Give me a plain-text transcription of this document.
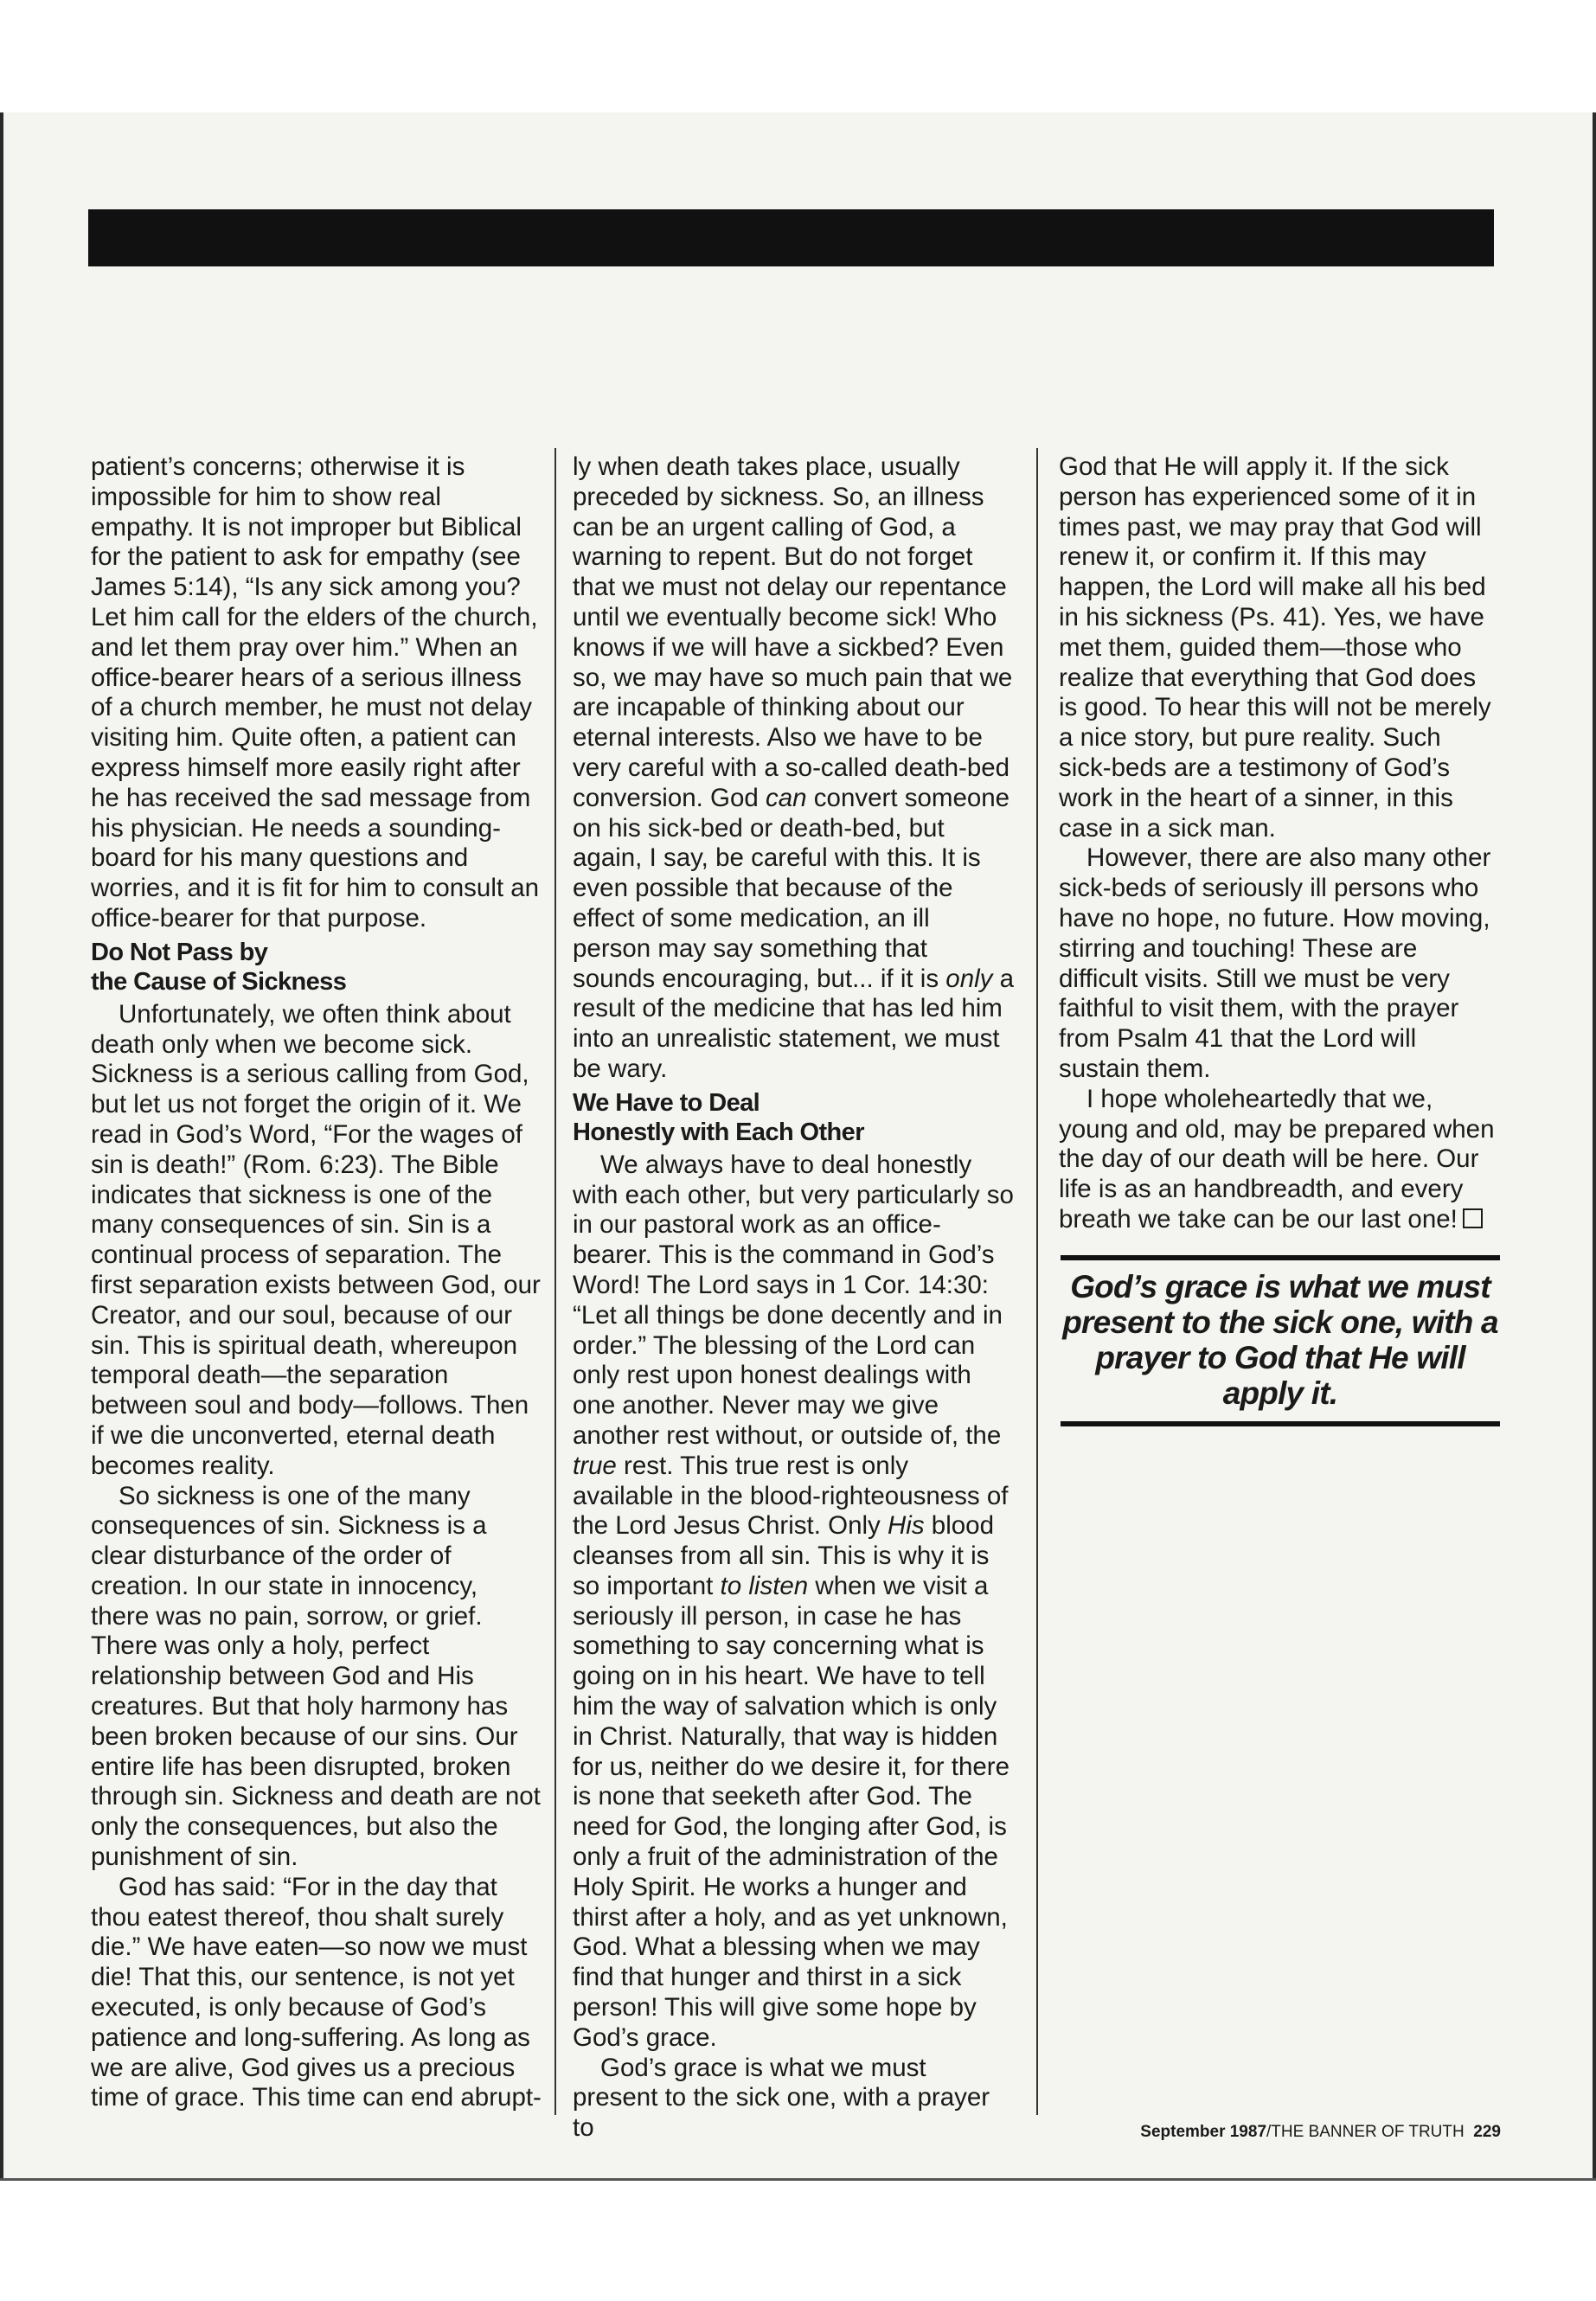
patient’s concerns; otherwise it is impossible for him to show real empathy. It is not improper but Biblical for the patient to ask for empathy (see James 5:14), “Is any sick among you? Let him call for the elders of the church, and let them pray over him.” When an office-bearer hears of a serious illness of a church member, he must not delay visiting him. Quite often, a patient can express himself more easily right after he has received the sad message from his physician. He needs a sounding-board for his many questions and worries, and it is fit for him to consult an office-bearer for that purpose.

Do Not Pass by
the Cause of Sickness

Unfortunately, we often think about death only when we become sick. Sickness is a serious calling from God, but let us not forget the origin of it. We read in God’s Word, “For the wages of sin is death!” (Rom. 6:23). The Bible indicates that sickness is one of the many consequences of sin. Sin is a continual process of separation. The first separation exists between God, our Creator, and our soul, because of our sin. This is spiritual death, whereupon temporal death—the separation between soul and body—follows. Then if we die unconverted, eternal death becomes reality.

So sickness is one of the many consequences of sin. Sickness is a clear disturbance of the order of creation. In our state in innocency, there was no pain, sorrow, or grief. There was only a holy, perfect relationship between God and His creatures. But that holy harmony has been broken because of our sins. Our entire life has been disrupted, broken through sin. Sickness and death are not only the consequences, but also the punishment of sin.

God has said: “For in the day that thou eatest thereof, thou shalt surely die.” We have eaten—so now we must die! That this, our sentence, is not yet executed, is only because of God’s patience and long-suffering. As long as we are alive, God gives us a precious time of grace. This time can end abrupt-

ly when death takes place, usually preceded by sickness. So, an illness can be an urgent calling of God, a warning to repent. But do not forget that we must not delay our repentance until we eventually become sick! Who knows if we will have a sickbed? Even so, we may have so much pain that we are incapable of thinking about our eternal interests. Also we have to be very careful with a so-called death-bed conversion. God can convert someone on his sick-bed or death-bed, but again, I say, be careful with this. It is even possible that because of the effect of some medication, an ill person may say something that sounds encouraging, but... if it is only a result of the medicine that has led him into an unrealistic statement, we must be wary.

We Have to Deal
Honestly with Each Other

We always have to deal honestly with each other, but very particularly so in our pastoral work as an office-bearer. This is the command in God’s Word! The Lord says in 1 Cor. 14:30: “Let all things be done decently and in order.” The blessing of the Lord can only rest upon honest dealings with one another. Never may we give another rest without, or outside of, the true rest. This true rest is only available in the blood-righteousness of the Lord Jesus Christ. Only His blood cleanses from all sin. This is why it is so important to listen when we visit a seriously ill person, in case he has something to say concerning what is going on in his heart. We have to tell him the way of salvation which is only in Christ. Naturally, that way is hidden for us, neither do we desire it, for there is none that seeketh after God. The need for God, the longing after God, is only a fruit of the administration of the Holy Spirit. He works a hunger and thirst after a holy, and as yet unknown, God. What a blessing when we may find that hunger and thirst in a sick person! This will give some hope by God’s grace.

God’s grace is what we must present to the sick one, with a prayer to

God that He will apply it. If the sick person has experienced some of it in times past, we may pray that God will renew it, or confirm it. If this may happen, the Lord will make all his bed in his sickness (Ps. 41). Yes, we have met them, guided them—those who realize that everything that God does is good. To hear this will not be merely a nice story, but pure reality. Such sick-beds are a testimony of God’s work in the heart of a sinner, in this case in a sick man.

However, there are also many other sick-beds of seriously ill persons who have no hope, no future. How moving, stirring and touching! These are difficult visits. Still we must be very faithful to visit them, with the prayer from Psalm 41 that the Lord will sustain them.

I hope wholeheartedly that we, young and old, may be prepared when the day of our death will be here. Our life is as an handbreadth, and every breath we take can be our last one!

God’s grace is what we must present to the sick one, with a prayer to God that He will apply it.

September 1987/THE BANNER OF TRUTH 229
